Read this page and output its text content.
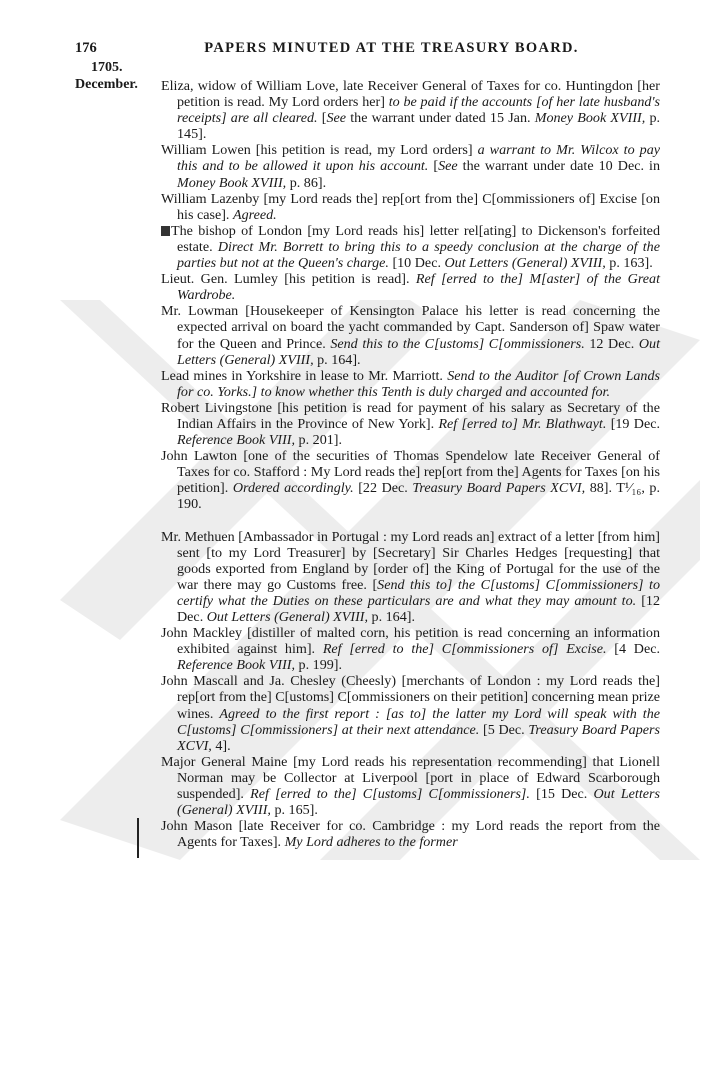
176	PAPERS MINUTED AT THE TREASURY BOARD.
1705.
December. Eliza, widow of William Love, late Receiver General of Taxes for co. Huntingdon [her petition is read. My Lord orders her] to be paid if the accounts [of her late husband's receipts] are all cleared. [See the warrant under dated 15 Jan. Money Book XVIII, p. 145].

William Lowen [his petition is read, my Lord orders] a warrant to Mr. Wilcox to pay this and to be allowed it upon his account. [See the warrant under date 10 Dec. in Money Book XVIII, p. 86].

William Lazenby [my Lord reads the] rep[ort from the] C[ommissioners of] Excise [on his case]. Agreed.

The bishop of London [my Lord reads his] letter rel[ating] to Dickenson's forfeited estate. Direct Mr. Borrett to bring this to a speedy conclusion at the charge of the parties but not at the Queen's charge. [10 Dec. Out Letters (General) XVIII, p. 163].

Lieut. Gen. Lumley [his petition is read]. Ref [erred to the] M[aster] of the Great Wardrobe.

Mr. Lowman [Housekeeper of Kensington Palace his letter is read concerning the expected arrival on board the yacht commanded by Capt. Sanderson of] Spaw water for the Queen and Prince. Send this to the C[ustoms] C[ommissioners. 12 Dec. Out Letters (General) XVIII, p. 164].

Lead mines in Yorkshire in lease to Mr. Marriott. Send to the Auditor [of Crown Lands for co. Yorks.] to know whether this Tenth is duly charged and accounted for.

Robert Livingstone [his petition is read for payment of his salary as Secretary of the Indian Affairs in the Province of New York]. Ref [erred to] Mr. Blathwayt. [19 Dec. Reference Book VIII, p. 201].

John Lawton [one of the securities of Thomas Spendelow late Receiver General of Taxes for co. Stafford : My Lord reads the] rep[ort from the] Agents for Taxes [on his petition]. Ordered accordingly. [22 Dec. Treasury Board Papers XCVI, 88]. T¹⁄₁₆, p. 190.

Mr. Methuen [Ambassador in Portugal : my Lord reads an] extract of a letter [from him] sent [to my Lord Treasurer] by [Secretary] Sir Charles Hedges [requesting] that goods exported from England by [order of] the King of Portugal for the use of the war there may go Customs free. [Send this to] the C[ustoms] C[ommissioners] to certify what the Duties on these particulars are and what they may amount to. [12 Dec. Out Letters (General) XVIII, p. 164].

John Mackley [distiller of malted corn, his petition is read concerning an information exhibited against him]. Ref [erred to the] C[ommissioners of] Excise. [4 Dec. Reference Book VIII, p. 199].

John Mascall and Ja. Chesley (Cheesly) [merchants of London : my Lord reads the] rep[ort from the] C[ustoms] C[ommissioners on their petition] concerning mean prize wines. Agreed to the first report : [as to] the latter my Lord will speak with the C[ustoms] C[ommissioners] at their next attendance. [5 Dec. Treasury Board Papers XCVI, 4].

Major General Maine [my Lord reads his representation recommending] that Lionell Norman may be Collector at Liverpool [port in place of Edward Scarborough suspended]. Ref [erred to the] C[ustoms] C[ommissioners]. [15 Dec. Out Letters (General) XVIII, p. 165].

John Mason [late Receiver for co. Cambridge : my Lord reads the report from the Agents for Taxes]. My Lord adheres to the former
